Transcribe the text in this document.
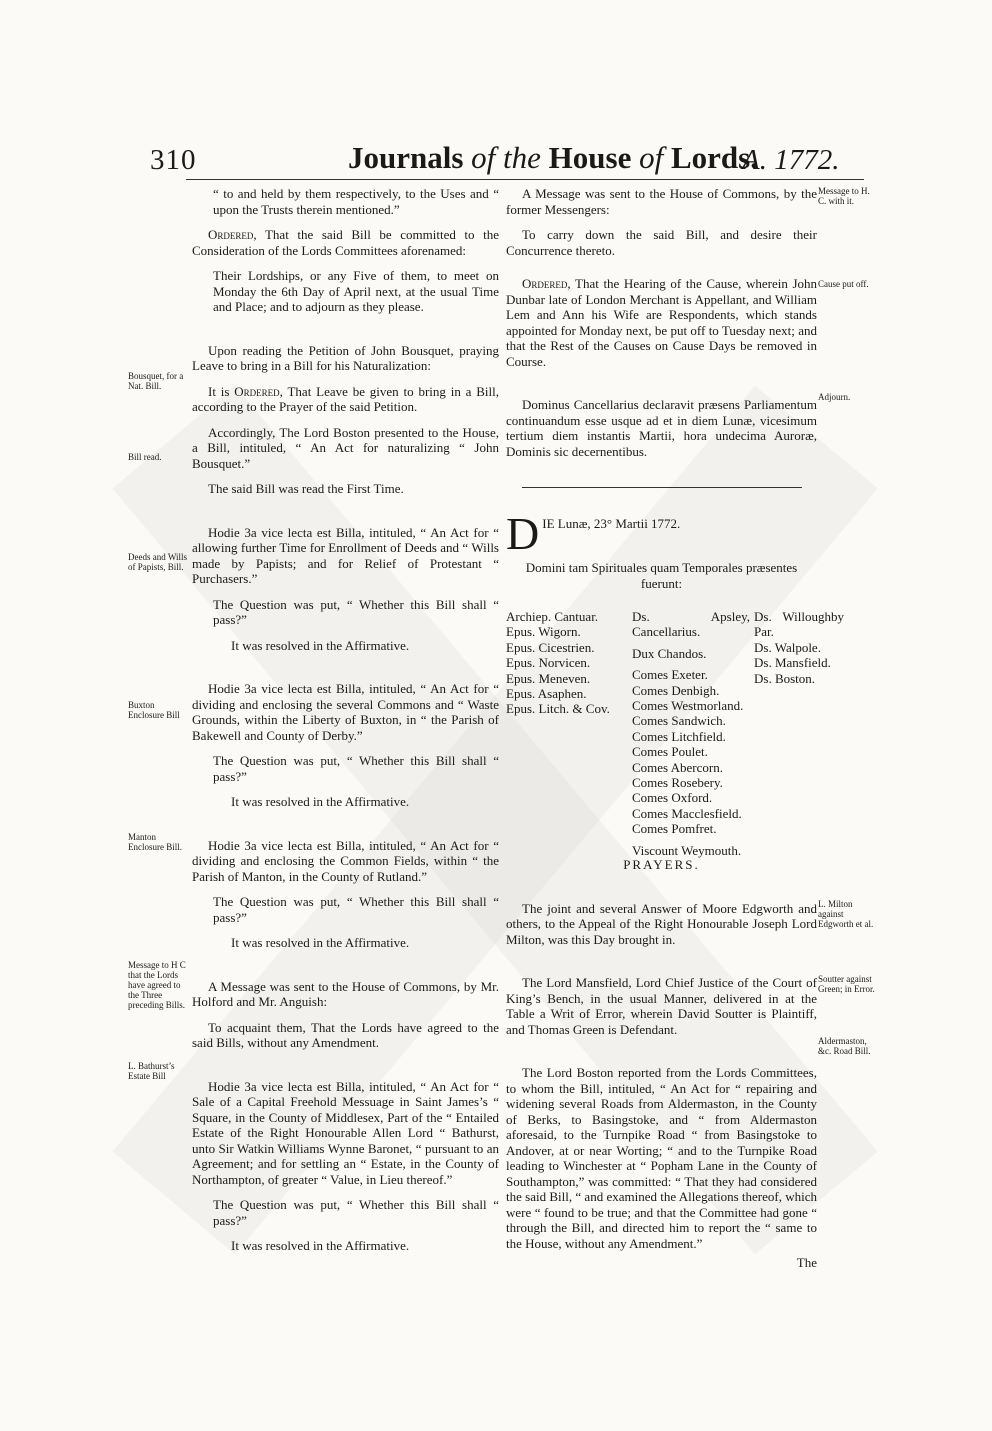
310	Journals of the House of Lords.
A. 1772.

“ to and held by them respectively, to the Uses and “ upon the Trusts therein mentioned.”

Ordered, That the said Bill be committed to the Consideration of the Lords Committees aforenamed:

Their Lordships, or any Five of them, to meet on Monday the 6th Day of April next, at the usual Time and Place; and to adjourn as they please.

Upon reading the Petition of John Bousquet, praying Leave to bring in a Bill for his Naturalization:

It is Ordered, That Leave be given to bring in a Bill, according to the Prayer of the said Petition.

Accordingly, The Lord Boston presented to the House, a Bill, intituled, “ An Act for naturalizing “ John Bousquet.”

The said Bill was read the First Time.

Hodie 3a vice lecta est Billa, intituled, “ An Act for “ allowing further Time for Enrollment of Deeds and “ Wills made by Papists; and for Relief of Protestant “ Purchasers.”

The Question was put, “ Whether this Bill shall “ pass?”

It was resolved in the Affirmative.

Hodie 3a vice lecta est Billa, intituled, “ An Act for “ dividing and enclosing the several Commons and “ Waste Grounds, within the Liberty of Buxton, in “ the Parish of Bakewell and County of Derby.”

The Question was put, “ Whether this Bill shall “ pass?”

It was resolved in the Affirmative.

Hodie 3a vice lecta est Billa, intituled, “ An Act for “ dividing and enclosing the Common Fields, within “ the Parish of Manton, in the County of Rutland.”

The Question was put, “ Whether this Bill shall “ pass?”

It was resolved in the Affirmative.

A Message was sent to the House of Commons, by Mr. Holford and Mr. Anguish:

To acquaint them, That the Lords have agreed to the said Bills, without any Amendment.

Hodie 3a vice lecta est Billa, intituled, “ An Act for “ Sale of a Capital Freehold Messuage in Saint James’s “ Square, in the County of Middlesex, Part of the “ Entailed Estate of the Right Honourable Allen Lord “ Bathurst, unto Sir Watkin Williams Wynne Baronet, “ pursuant to an Agreement; and for settling an “ Estate, in the County of Northampton, of greater “ Value, in Lieu thereof.”

The Question was put, “ Whether this Bill shall “ pass?”

It was resolved in the Affirmative.

A Message was sent to the House of Commons, by the former Messengers:

To carry down the said Bill, and desire their Concurrence thereto.

Ordered, That the Hearing of the Cause, wherein John Dunbar late of London Merchant is Appellant, and William Lem and Ann his Wife are Respondents, which stands appointed for Monday next, be put off to Tuesday next; and that the Rest of the Causes on Cause Days be removed in Course.

Dominus Cancellarius declaravit præsens Parliamentum continuandum esse usque ad et in diem Lunæ, vicesimum tertium diem instantis Martii, hora undecima Auroræ, Dominis sic decernentibus.

DIE Lunæ, 23° Martii 1772.

Domini tam Spirituales quam Temporales præsentes fuerunt:

Archiep. Cantuar.
Epus. Wigorn.
Epus. Cicestrien.
Epus. Norvicen.
Epus. Meneven.
Epus. Asaphen.
Epus. Litch. & Cov.
Ds. Apsley, Cancellarius.
Dux Chandos.
Comes Exeter.
Comes Denbigh.
Comes Westmorland.
Comes Sandwich.
Comes Litchfield.
Comes Poulet.
Comes Abercorn.
Comes Rosebery.
Comes Oxford.
Comes Macclesfield.
Comes Pomfret.
Viscount Weymouth.
Ds. Willoughby Par.
Ds. Walpole.
Ds. Mansfield.
Ds. Boston.

PRAYERS.

The joint and several Answer of Moore Edgworth and others, to the Appeal of the Right Honourable Joseph Lord Milton, was this Day brought in.

The Lord Mansfield, Lord Chief Justice of the Court of King’s Bench, in the usual Manner, delivered in at the Table a Writ of Error, wherein David Soutter is Plaintiff, and Thomas Green is Defendant.

The Lord Boston reported from the Lords Committees, to whom the Bill, intituled, “ An Act for “ repairing and widening several Roads from Aldermaston, in the County of Berks, to Basingstoke, and “ from Aldermaston aforesaid, to the Turnpike Road “ from Basingstoke to Andover, at or near Worting; “ and to the Turnpike Road leading to Winchester at “ Popham Lane in the County of Southampton,” was committed: “ That they had considered the said Bill, “ and examined the Allegations thereof, which were “ found to be true; and that the Committee had gone “ through the Bill, and directed him to report the “ same to the House, without any Amendment.”

The

Bousquet, for a Nat. Bill.
Bill read.
Deeds and Wills of Papists, Bill.
Buxton Enclosure Bill
Manton Enclosure Bill.
Message to H C that the Lords have agreed to the Three preceding Bills.
L. Bathurst’s Estate Bill
Message to H. C. with it.
Cause put off.
Adjourn.
L. Milton against Edgworth et al.
Soutter against Green; in Error.
Aldermaston, &c. Road Bill.
